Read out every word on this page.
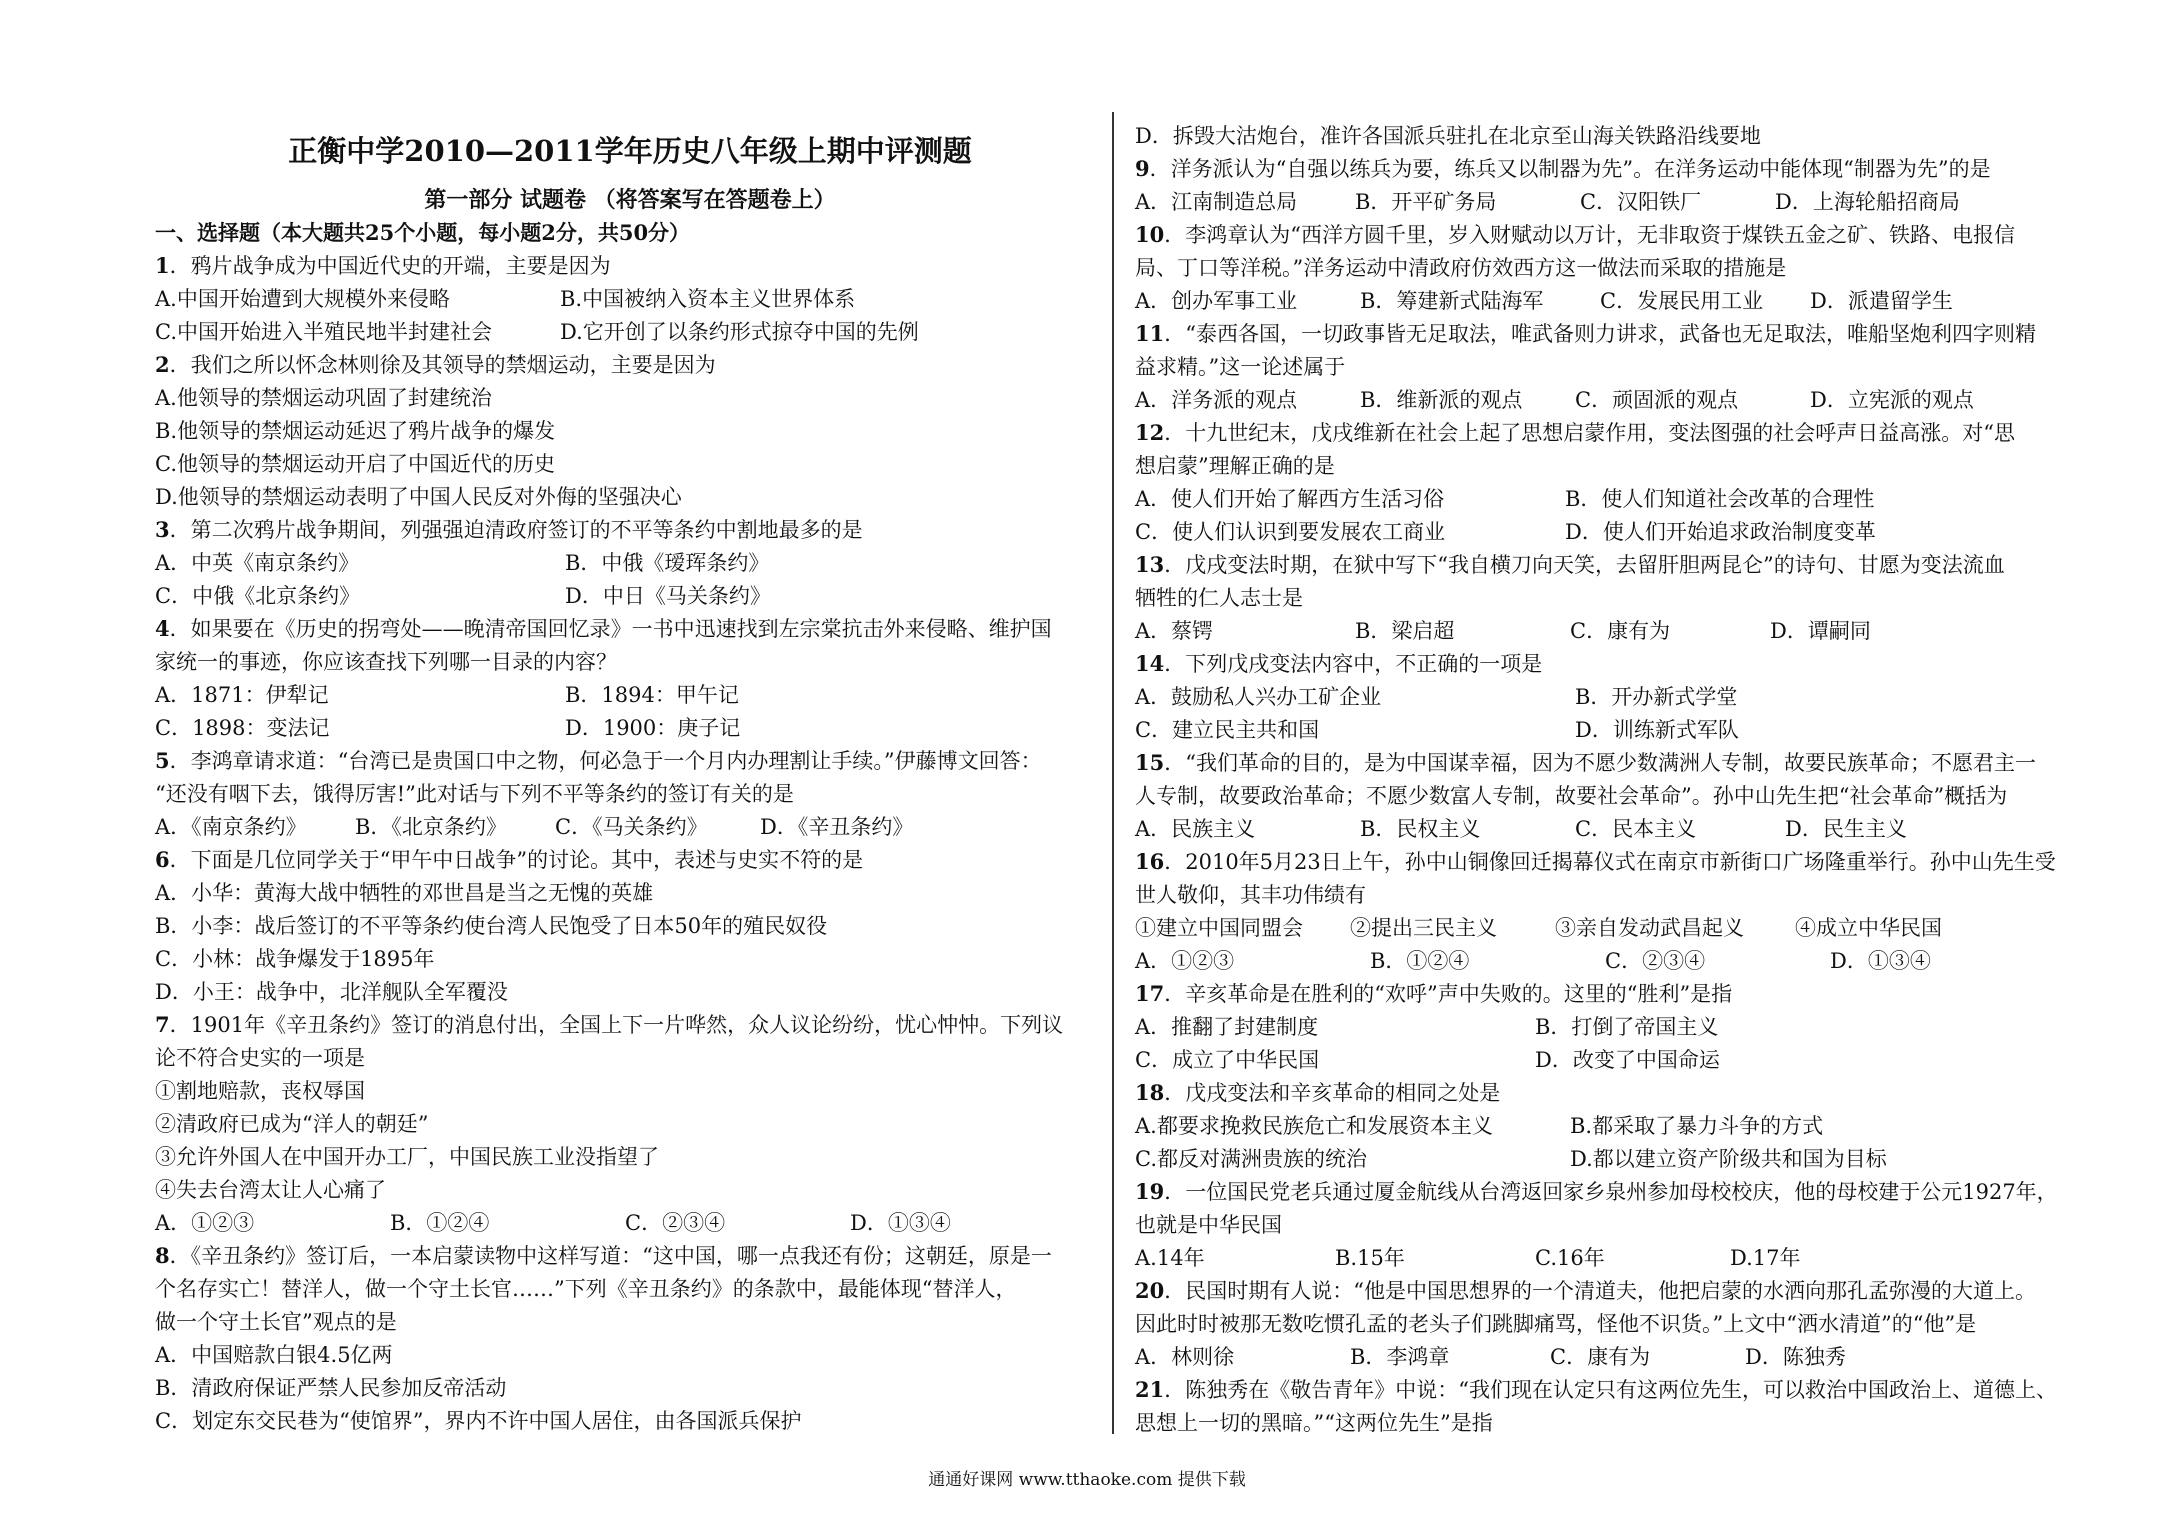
正衡中学2010—2011学年历史八年级上期中评测题
第一部分 试题卷 （将答案写在答题卷上）
一、选择题（本大题共25个小题，每小题2分，共50分）
1．鸦片战争成为中国近代史的开端，主要是因为
A.中国开始遭到大规模外来侵略	B.中国被纳入资本主义世界体系
C.中国开始进入半殖民地半封建社会	D.它开创了以条约形式掠夺中国的先例
2．我们之所以怀念林则徐及其领导的禁烟运动，主要是因为
A.他领导的禁烟运动巩固了封建统治
B.他领导的禁烟运动延迟了鸦片战争的爆发
C.他领导的禁烟运动开启了中国近代的历史
D.他领导的禁烟运动表明了中国人民反对外侮的坚强决心
3．第二次鸦片战争期间，列强强迫清政府签订的不平等条约中割地最多的是
A．中英《南京条约》	B．中俄《瑷珲条约》
C．中俄《北京条约》	D．中日《马关条约》
4．如果要在《历史的拐弯处——晚清帝国回忆录》一书中迅速找到左宗棠抗击外来侵略、维护国
家统一的事迹，你应该查找下列哪一目录的内容？
A．1871：伊犁记	B．1894：甲午记
C．1898：变法记	D．1900：庚子记
5．李鸿章请求道：“台湾已是贵国口中之物，何必急于一个月内办理割让手续。”伊藤博文回答：
“还没有咽下去，饿得厉害!”此对话与下列不平等条约的签订有关的是
A．《南京条约》	B．《北京条约》	C．《马关条约》	D．《辛丑条约》
6．下面是几位同学关于“甲午中日战争”的讨论。其中，表述与史实不符的是
A．小华：黄海大战中牺牲的邓世昌是当之无愧的英雄
B．小李：战后签订的不平等条约使台湾人民饱受了日本50年的殖民奴役
C．小林：战争爆发于1895年
D．小王：战争中，北洋舰队全军覆没
7．1901年《辛丑条约》签订的消息付出，全国上下一片哗然，众人议论纷纷，忧心忡忡。下列议
论不符合史实的一项是
①割地赔款，丧权辱国
②清政府已成为“洋人的朝廷”
③允许外国人在中国开办工厂，中国民族工业没指望了
④失去台湾太让人心痛了
A．①②③	B．①②④	C．②③④	D．①③④
8．《辛丑条约》签订后，一本启蒙读物中这样写道：“这中国，哪一点我还有份；这朝廷，原是一
个名存实亡！替洋人，做一个守土长官……”下列《辛丑条约》的条款中，最能体现“替洋人，
做一个守土长官”观点的是
A．中国赔款白银4.5亿两
B．清政府保证严禁人民参加反帝活动
C．划定东交民巷为“使馆界”，界内不许中国人居住，由各国派兵保护
D．拆毁大沽炮台，准许各国派兵驻扎在北京至山海关铁路沿线要地
9．洋务派认为“自强以练兵为要，练兵又以制器为先”。在洋务运动中能体现“制器为先”的是
A．江南制造总局	B．开平矿务局	C．汉阳铁厂	D．上海轮船招商局
10．李鸿章认为“西洋方圆千里，岁入财赋动以万计，无非取资于煤铁五金之矿、铁路、电报信
局、丁口等洋税。”洋务运动中清政府仿效西方这一做法而采取的措施是
A．创办军事工业	B．筹建新式陆海军	C．发展民用工业	D．派遣留学生
11．“泰西各国，一切政事皆无足取法，唯武备则力讲求，武备也无足取法，唯船坚炮利四字则精
益求精。”这一论述属于
A．洋务派的观点	B．维新派的观点	C．顽固派的观点	D．立宪派的观点
12．十九世纪末，戊戌维新在社会上起了思想启蒙作用，变法图强的社会呼声日益高涨。对“思
想启蒙”理解正确的是
A．使人们开始了解西方生活习俗	B．使人们知道社会改革的合理性
C．使人们认识到要发展农工商业	D．使人们开始追求政治制度变革
13．戊戌变法时期，在狱中写下“我自横刀向天笑，去留肝胆两昆仑”的诗句、甘愿为变法流血
牺牲的仁人志士是
A．蔡锷	B．梁启超	C．康有为	D．谭嗣同
14．下列戊戌变法内容中，不正确的一项是
A．鼓励私人兴办工矿企业	B．开办新式学堂
C．建立民主共和国	D．训练新式军队
15．“我们革命的目的，是为中国谋幸福，因为不愿少数满洲人专制，故要民族革命；不愿君主一
人专制，故要政治革命；不愿少数富人专制，故要社会革命”。孙中山先生把“社会革命”概括为
A．民族主义	B．民权主义	C．民本主义	D．民生主义
16．2010年5月23日上午，孙中山铜像回迁揭幕仪式在南京市新街口广场隆重举行。孙中山先生受
世人敬仰，其丰功伟绩有
①建立中国同盟会	②提出三民主义	③亲自发动武昌起义	④成立中华民国
A．①②③	B．①②④	C．②③④	D．①③④
17．辛亥革命是在胜利的“欢呼”声中失败的。这里的“胜利”是指
A．推翻了封建制度	B．打倒了帝国主义
C．成立了中华民国	D．改变了中国命运
18．戊戌变法和辛亥革命的相同之处是
A.都要求挽救民族危亡和发展资本主义	B.都采取了暴力斗争的方式
C.都反对满洲贵族的统治	D.都以建立资产阶级共和国为目标
19．一位国民党老兵通过厦金航线从台湾返回家乡泉州参加母校校庆，他的母校建于公元1927年，
也就是中华民国
A.14年	B.15年	C.16年	D.17年
20．民国时期有人说：“他是中国思想界的一个清道夫，他把启蒙的水洒向那孔孟弥漫的大道上。
因此时时被那无数吃惯孔孟的老头子们跳脚痛骂，怪他不识货。”上文中“洒水清道”的“他”是
A．林则徐	B．李鸿章	C．康有为	D．陈独秀
21．陈独秀在《敬告青年》中说：“我们现在认定只有这两位先生，可以救治中国政治上、道德上、
思想上一切的黑暗。”“这两位先生”是指
通通好课网 www.tthaoke.com 提供下载
